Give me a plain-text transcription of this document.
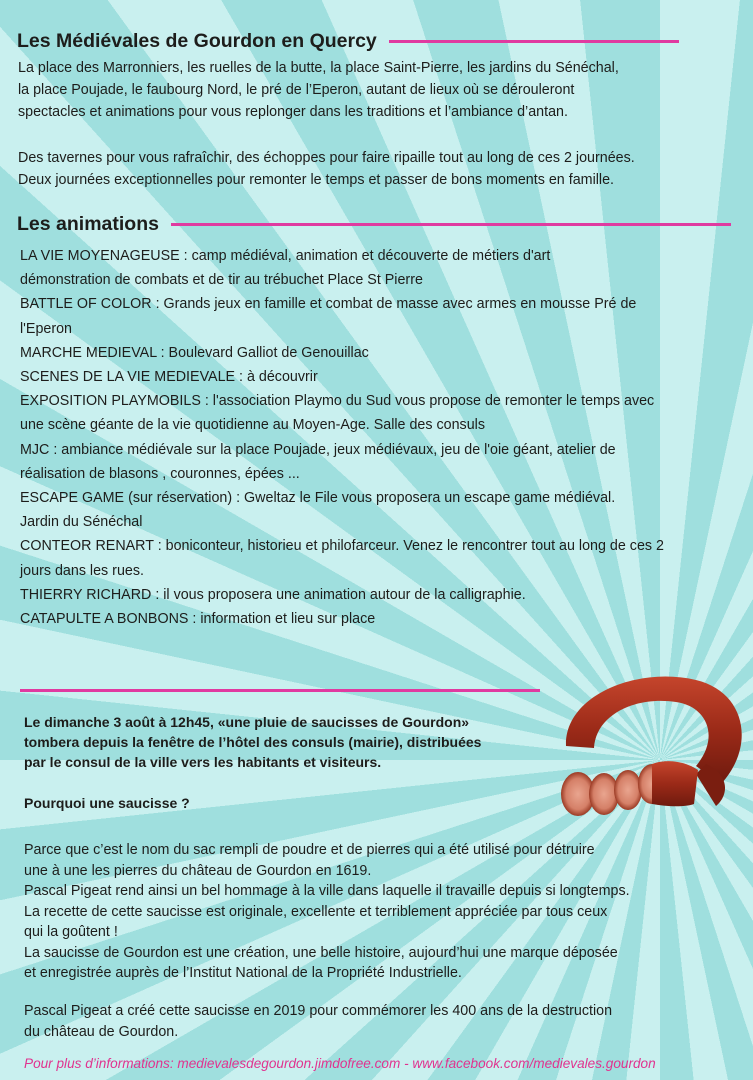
Les Médiévales de Gourdon en Quercy
La place des Marronniers, les ruelles de la butte, la place Saint-Pierre, les jardins du Sénéchal,
la place Poujade, le faubourg Nord, le pré de l’Eperon, autant de lieux où se dérouleront
spectacles et animations pour vous replonger dans les traditions et l’ambiance d’antan.
Des tavernes pour vous rafraîchir, des échoppes pour faire ripaille tout au long de ces 2 journées.
Deux journées exceptionnelles pour remonter le temps et passer de bons moments en famille.
Les animations
LA VIE MOYENAGEUSE : camp médiéval, animation et découverte de métiers d'art
démonstration de combats et de tir au trébuchet Place St Pierre
BATTLE OF COLOR : Grands jeux en famille et combat de masse avec armes en mousse Pré de
l'Eperon
MARCHE MEDIEVAL : Boulevard Galliot de Genouillac
SCENES DE LA VIE MEDIEVALE : à découvrir
EXPOSITION PLAYMOBILS : l'association Playmo du Sud vous propose de remonter le temps avec
une scène géante de la vie quotidienne au Moyen-Age. Salle des consuls
MJC : ambiance médiévale sur la place Poujade, jeux médiévaux, jeu de l'oie géant, atelier de
réalisation de blasons , couronnes, épées ...
ESCAPE GAME (sur réservation) : Gweltaz le File vous proposera un escape game médiéval.
Jardin du Sénéchal
CONTEOR RENART : boniconteur, historieu et philofarceur. Venez le rencontrer tout au long de ces 2
jours dans les rues.
THIERRY RICHARD : il vous proposera une animation autour de la calligraphie.
CATAPULTE A BONBONS : information et lieu sur place
Le dimanche 3 août à 12h45, «une pluie de saucisses de Gourdon»
tombera depuis la fenêtre de l’hôtel des consuls (mairie), distribuées
par le consul de la ville vers les habitants et visiteurs.
Pourquoi une saucisse ?
Parce que c’est le nom du sac rempli de poudre et de pierres qui a été utilisé pour détruire
une à une les pierres du château de Gourdon en 1619.
Pascal Pigeat rend ainsi un bel hommage à la ville dans laquelle il travaille depuis si longtemps.
La recette de cette saucisse est originale, excellente et terriblement appréciée par tous ceux
qui la goûtent !
La saucisse de Gourdon est une création, une belle histoire, aujourd’hui une marque déposée
et enregistrée auprès de l’Institut National de la Propriété Industrielle.
Pascal Pigeat a créé cette saucisse en 2019 pour commémorer les 400 ans de la destruction
du château de Gourdon.
Pour plus d’informations: medievalesdegourdon.jimdofree.com - www.facebook.com/medievales.gourdon
